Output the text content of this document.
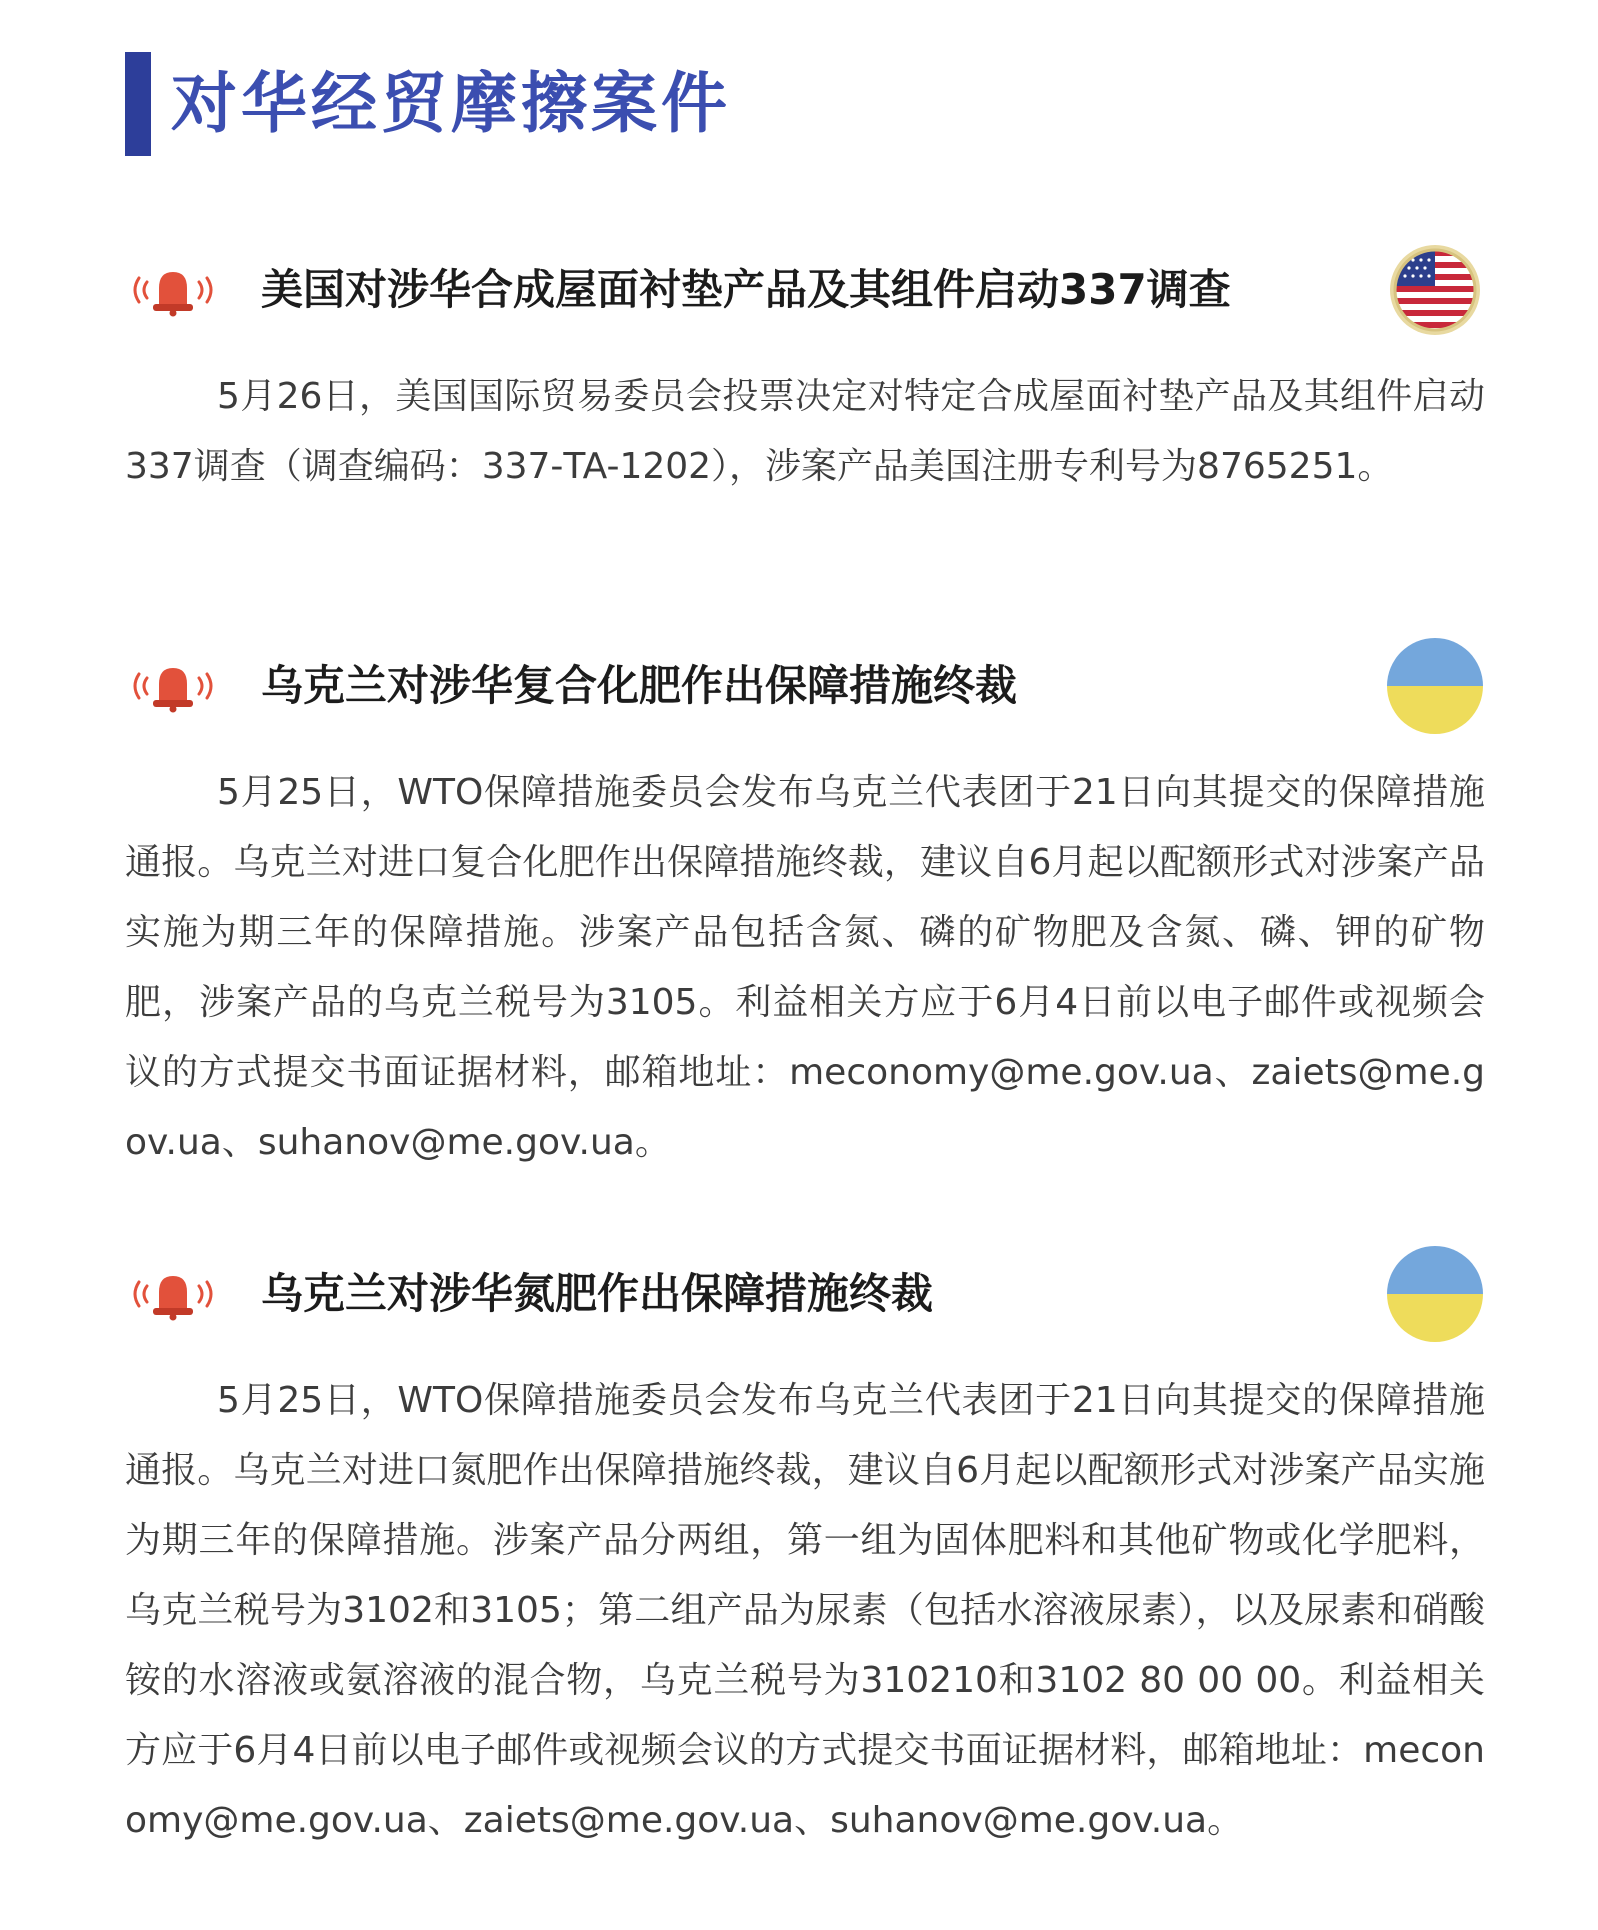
对华经贸摩擦案件
美国对涉华合成屋面衬垫产品及其组件启动337调查

5月26日，美国国际贸易委员会投票决定对特定合成屋面衬垫产品及其组件启动337调查（调查编码：337-TA-1202），涉案产品美国注册专利号为8765251。

乌克兰对涉华复合化肥作出保障措施终裁

5月25日，WTO保障措施委员会发布乌克兰代表团于21日向其提交的保障措施通报。乌克兰对进口复合化肥作出保障措施终裁，建议自6月起以配额形式对涉案产品实施为期三年的保障措施。涉案产品包括含氮、磷的矿物肥及含氮、磷、钾的矿物肥，涉案产品的乌克兰税号为3105。利益相关方应于6月4日前以电子邮件或视频会议的方式提交书面证据材料，邮箱地址：meconomy@me.gov.ua、zaiets@me.gov.ua、suhanov@me.gov.ua。

乌克兰对涉华氮肥作出保障措施终裁

5月25日，WTO保障措施委员会发布乌克兰代表团于21日向其提交的保障措施通报。乌克兰对进口氮肥作出保障措施终裁，建议自6月起以配额形式对涉案产品实施为期三年的保障措施。涉案产品分两组，第一组为固体肥料和其他矿物或化学肥料，乌克兰税号为3102和3105；第二组产品为尿素（包括水溶液尿素），以及尿素和硝酸铵的水溶液或氨溶液的混合物，乌克兰税号为310210和3102 80 00 00。利益相关方应于6月4日前以电子邮件或视频会议的方式提交书面证据材料，邮箱地址：meconomy@me.gov.ua、zaiets@me.gov.ua、suhanov@me.gov.ua。
